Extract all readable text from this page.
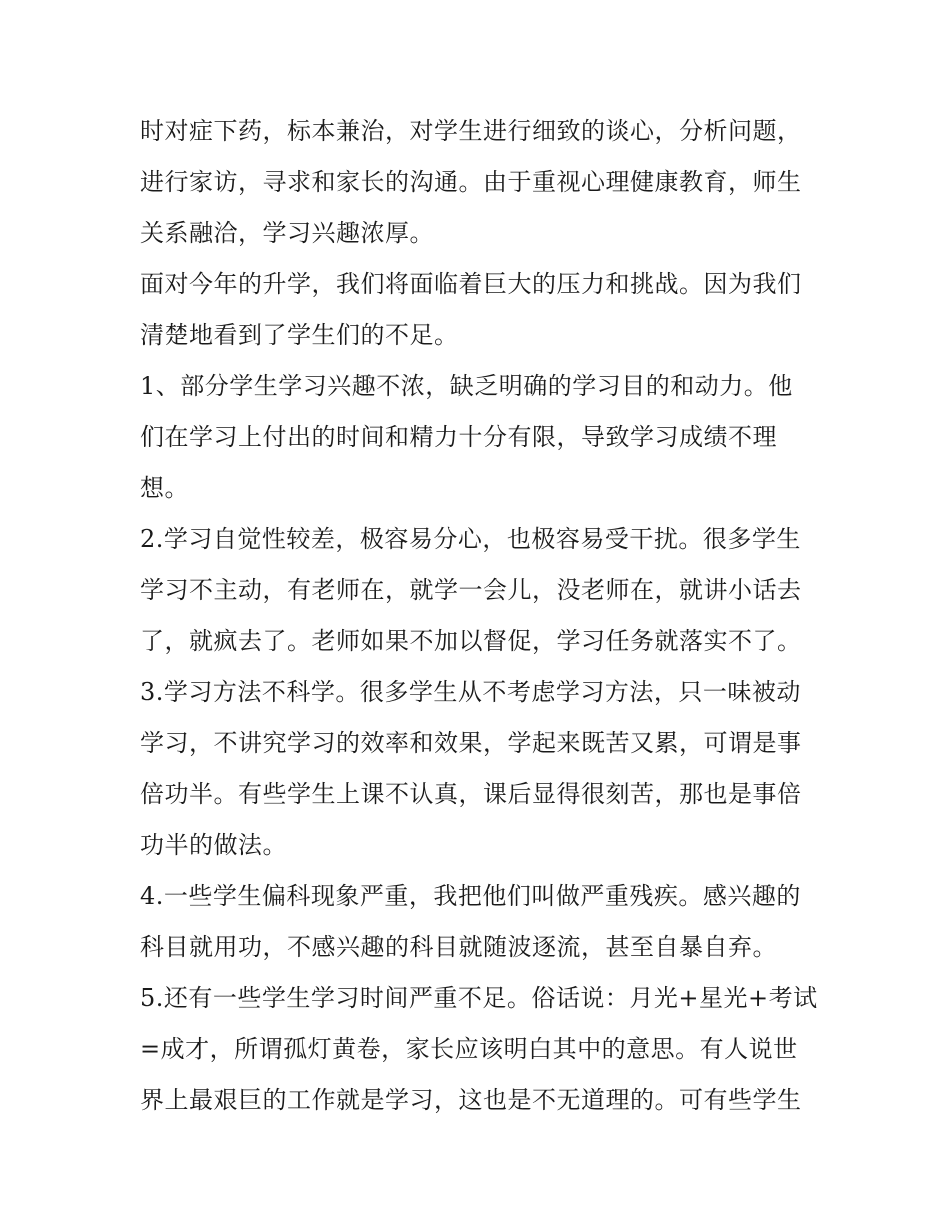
时对症下药，标本兼治，对学生进行细致的谈心，分析问题，
进行家访，寻求和家长的沟通。由于重视心理健康教育，师生
关系融洽，学习兴趣浓厚。
面对今年的升学，我们将面临着巨大的压力和挑战。因为我们
清楚地看到了学生们的不足。
1、部分学生学习兴趣不浓，缺乏明确的学习目的和动力。他
们在学习上付出的时间和精力十分有限，导致学习成绩不理
想。
2.学习自觉性较差，极容易分心，也极容易受干扰。很多学生
学习不主动，有老师在，就学一会儿，没老师在，就讲小话去
了，就疯去了。老师如果不加以督促，学习任务就落实不了。
3.学习方法不科学。很多学生从不考虑学习方法，只一味被动
学习，不讲究学习的效率和效果，学起来既苦又累，可谓是事
倍功半。有些学生上课不认真，课后显得很刻苦，那也是事倍
功半的做法。
4.一些学生偏科现象严重，我把他们叫做严重残疾。感兴趣的
科目就用功，不感兴趣的科目就随波逐流，甚至自暴自弃。
5.还有一些学生学习时间严重不足。俗话说：月光+星光+考试
=成才，所谓孤灯黄卷，家长应该明白其中的意思。有人说世
界上最艰巨的工作就是学习，这也是不无道理的。可有些学生
